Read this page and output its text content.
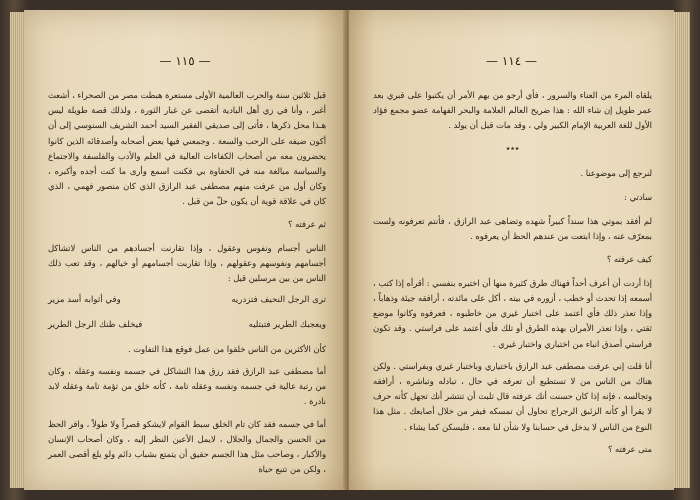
— ١١٥ —

قبل ثلاثين سنة والحرب العالمية الأولى مستعرة هبطت مصر من الصحراء ، أشعث أغبر ، وأنا في زي أهل البادية أتقصى عن غبار الثورة ، ولذلك قصة طويلة ليس هـذا محل ذكرها ، فأتى إلى صديقي الفقير السيد أحمد الشريف السنوسي إلى أن أكون ضيفه على الرحب والسعة . وجمعني فيها بعض أصحابه وأصدقائه الذين كانوا يحضرون معه من أصحاب الكفاءات العالية في العلم والأدب والفلسفة والاجتماع والسياسة مبالغة منه في الحفاوة بي فكنت اسمع وأرى ما كنت أجده وأكبره ، وكان أول من عرفت منهم مصطفى عبد الرازق الذي كان منصور فهمي ، الذي كان في علاقة قوية أن يكون حلّ من قبل .

ثم عرفته ؟

الناس أجسام ونفوس وعقول ، وإذا تقارنت أجسادهم من الناس لاتشاكل أجسامهم ونفوسهم وعقولهم ، وإذا تقاربت أجسامهم أو خيالهم ، وقد تعب ذلك الناس من بين مرسلين قيل :

ترى الرجل النحيف فتزدريه
وفي أثوابه أسد مزير
ويعجبك الطرير فتبتليه
فيخلف ظنك الرجل الطرير

كأن الأكثرين من الناس خلقوا من عمل فوقع هذا التفاوت .

أما مصطفى عبد الرازق فقد رزق هذا التشاكل في جسمه ونفسه وعقله ، وكان من رتبة عالية في جسمه ونفسه وعقله تامة ، كأنه خلق من تؤمة تامة وعقله لابد نادرة .

أما في جسمه فقد كان تام الخلق سبط القوام لايشكو قصراً ولا طولاً ، وافر الحظ من الحسن والجمال والجلال ، لايمل الأعين النظر إليه ، وكان أصحاب الإنسان والأكبار ، وصاحب مثل هذا الجسم حقيق أن يتمتع بشباب دائم ولو بلغ أقصى العمر ، ولكن من تتبع حياة

— ١١٤ —

يلقاه المرء من العناء والسرور ، فأي أرجو من بهم الأمر أن يكتبوا على قبري بعد عمر طويل إن شاء الله : هذا ضريح العالم العلامة والبحر الفهامة عضو مجمع فؤاد الأول للغة العربية الإمام الكبير ولي ، وقد مات قبل أن يولد .

٭٭٭

لنرجع إلى موضوعنا .

سادتي :

لم أفقد بموتي هذا سنداً كبيراً شهده وتضاهى عبد الرازق ، فأنتم تعرفونه ولست بمعرّف عنه ، وإذا ابتعت من عندهم الحظ أن يعرفوه .

كيف عرفته ؟

إذا أردت أن أعرف أحداً فهناك طرق كثيرة منها أن اختبره بنفسي : أقرأه إذا كتب ، أسمعه إذا تحدث أو خطب ، أزوره في بيته ، أكل على مائدته ، أرافقه جيئة وذهاباً ، وإذا تعذر ذلك فأي أعتمد على اختبار غيري من خاطبوه ، فعرفوه وكانوا موضع ثقتي ، وإذا تعذر الأمران بهذه الطرق أو تلك فأي أعتمد على فراستي . وقد تكون فراستي أصدق انباء من اختباري واختبار غيري .

أنا قلت إني عرفت مصطفى عبد الرازق باختياري وباختبار غيري وبفراستي . ولكن هناك من الناس من لا تستطيع أن تعرفه في حال ، تبادله وتباشره ، أرافقه وتجالسه ، فإنه إذا كان حسنت أنك عرفته قال تلبث أن تنتشر أنك تجهل كأنه حرف لا يقرأ أو كأنه الزئبق الرجراج تحاول أن تمسكه فيفر من خلال أصابعك . مثل هذا النوع من الناس لا يدخل في حسابنا ولا شأن لنا معه ، فليسكن كما يشاء .

متى عرفته ؟
